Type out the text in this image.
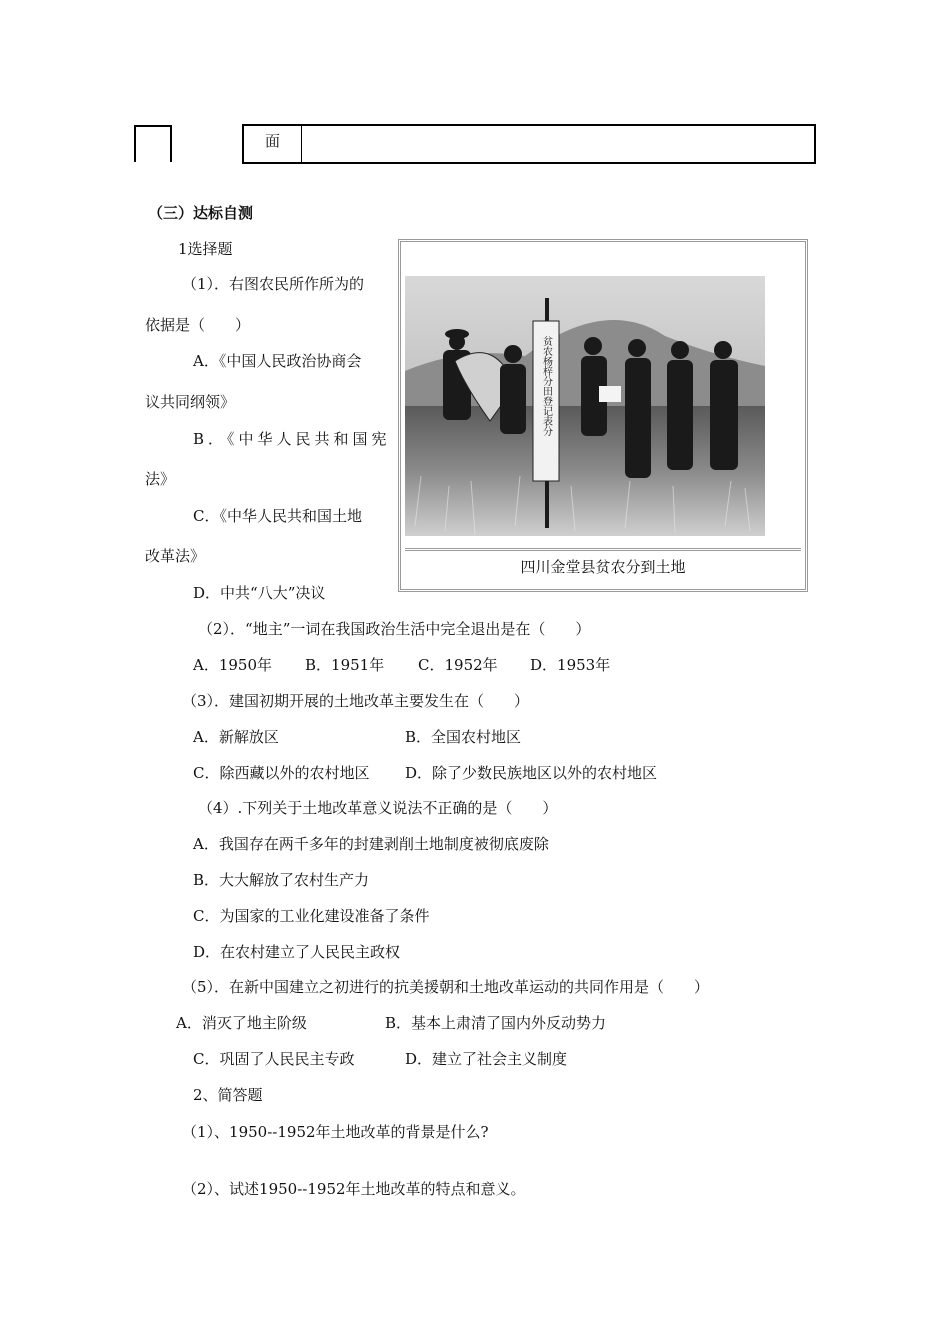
面
（三）达标自测
1选择题
贫农杨梓分田登记表分
四川金堂县贫农分到土地
（1）．右图农民所作所为的
依据是（　　）
A．《中国人民政治协商会
议共同纲领》
B．《中华人民共和国宪
法》
C．《中华人民共和国土地
改革法》
D．中共“八大”决议
（2）．“地主”一词在我国政治生活中完全退出是在（　　）
A．1950年 B．1951年 C．1952年 D．1953年
（3）．建国初期开展的土地改革主要发生在（　　）
A．新解放区	B．全国农村地区
C．除西藏以外的农村地区 D．除了少数民族地区以外的农村地区
（4）.下列关于土地改革意义说法不正确的是（　　）
A．我国存在两千多年的封建剥削土地制度被彻底废除
B．大大解放了农村生产力
C．为国家的工业化建设准备了条件
D．在农村建立了人民民主政权
（5）．在新中国建立之初进行的抗美援朝和土地改革运动的共同作用是（　　）
A．消灭了地主阶级	B．基本上肃清了国内外反动势力
C．巩固了人民民主专政	D．建立了社会主义制度
2、简答题
（1）、1950--1952年土地改革的背景是什么?
（2）、试述1950--1952年土地改革的特点和意义。
